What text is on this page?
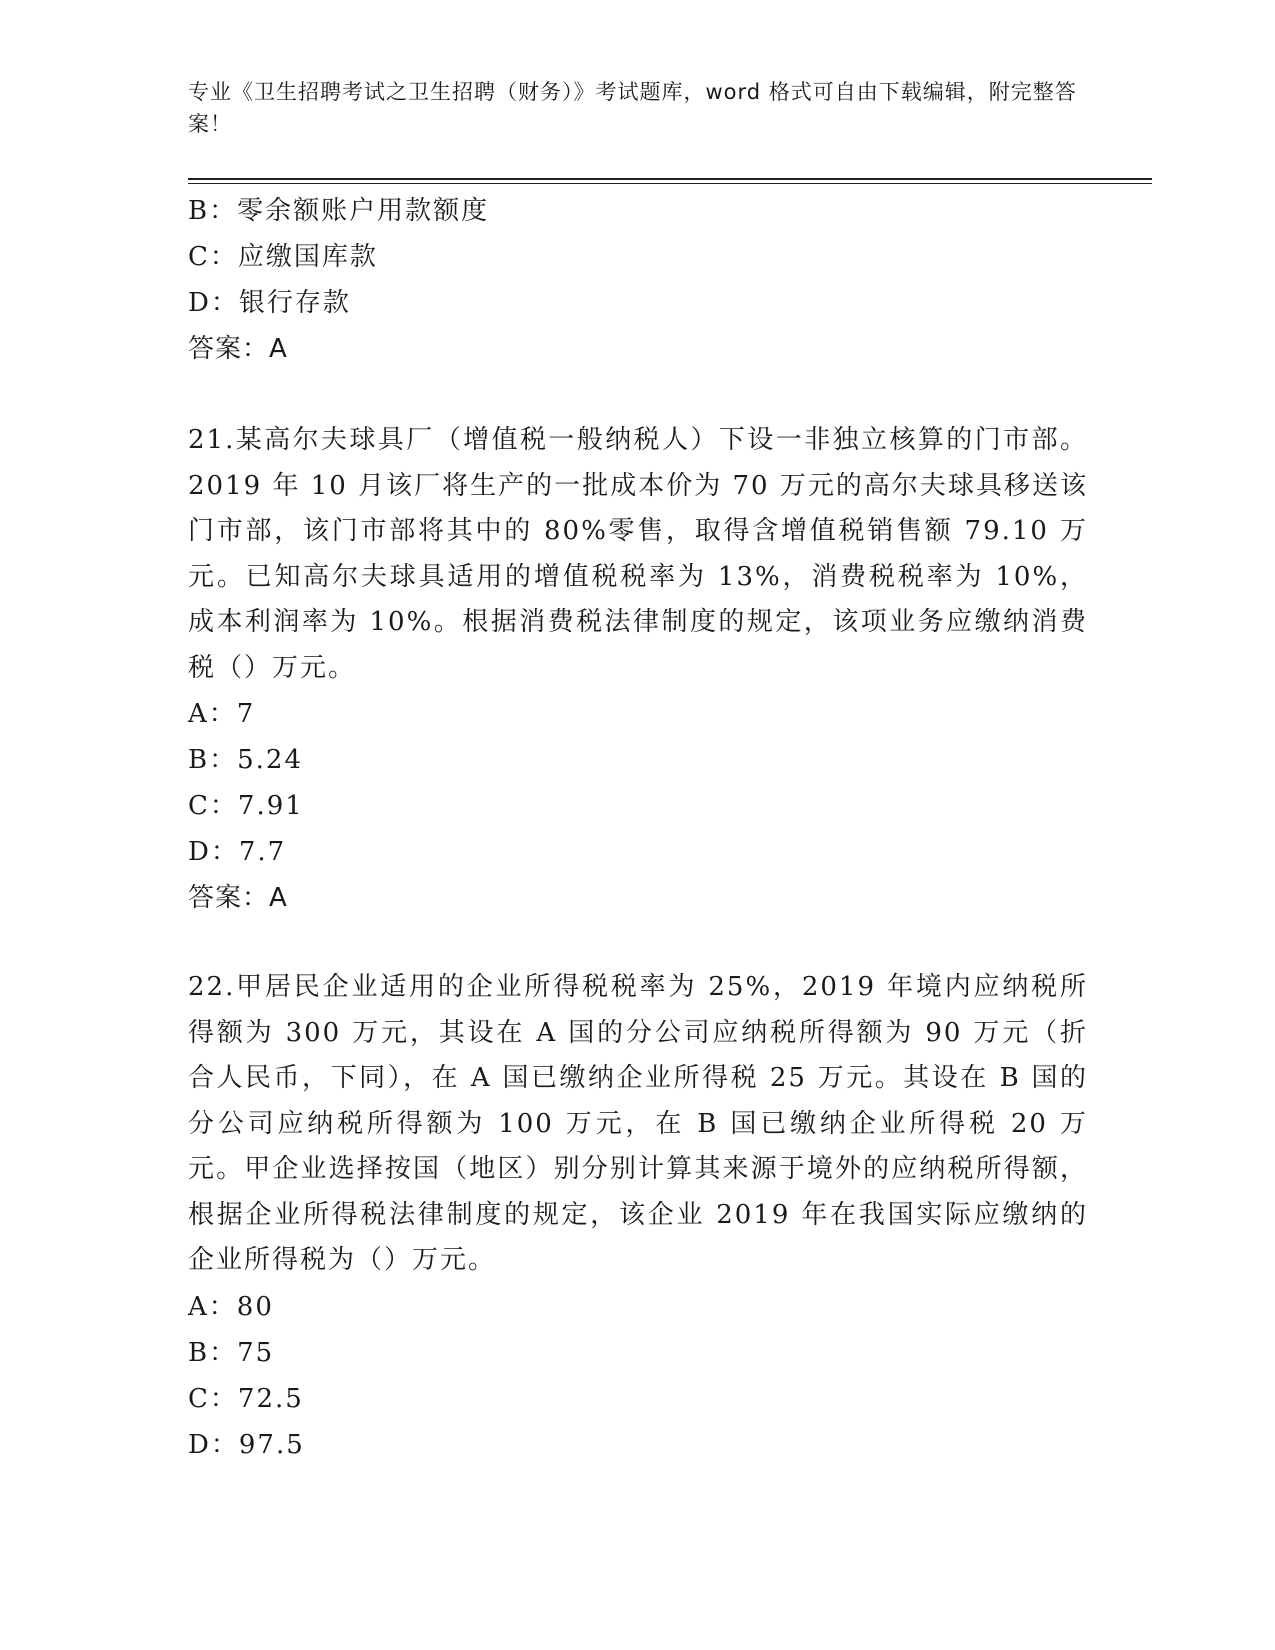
专业《卫生招聘考试之卫生招聘（财务）》考试题库，word 格式可自由下载编辑，附完整答案！
B：零余额账户用款额度
C：应缴国库款
D：银行存款
答案：A
21.某高尔夫球具厂（增值税一般纳税人）下设一非独立核算的门市部。2019 年 10 月该厂将生产的一批成本价为 70 万元的高尔夫球具移送该门市部，该门市部将其中的 80%零售，取得含增值税销售额 79.10 万元。已知高尔夫球具适用的增值税税率为 13%，消费税税率为 10%，成本利润率为 10%。根据消费税法律制度的规定，该项业务应缴纳消费税（）万元。
A：7
B：5.24
C：7.91
D：7.7
答案：A
22.甲居民企业适用的企业所得税税率为 25%，2019 年境内应纳税所得额为 300 万元，其设在 A 国的分公司应纳税所得额为 90 万元（折合人民币，下同），在 A 国已缴纳企业所得税 25 万元。其设在 B 国的分公司应纳税所得额为 100 万元，在 B 国已缴纳企业所得税 20 万元。甲企业选择按国（地区）别分别计算其来源于境外的应纳税所得额，根据企业所得税法律制度的规定，该企业 2019 年在我国实际应缴纳的企业所得税为（）万元。
A：80
B：75
C：72.5
D：97.5
